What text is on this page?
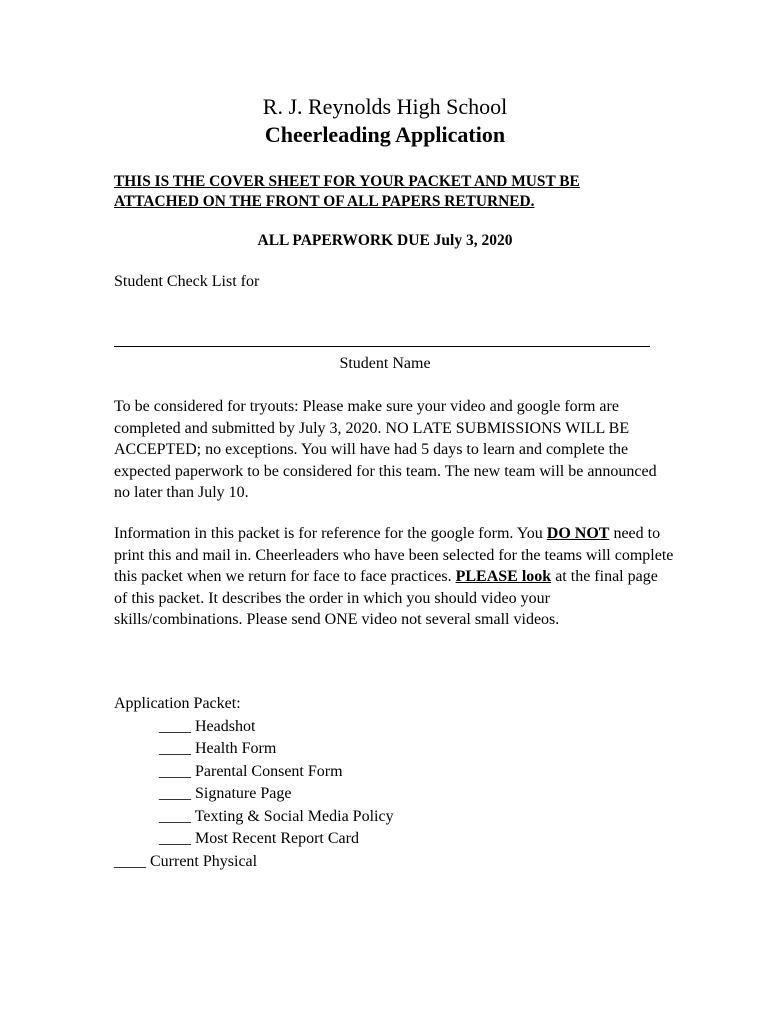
R. J. Reynolds High School
Cheerleading Application
THIS IS THE COVER SHEET FOR YOUR PACKET AND MUST BE
ATTACHED ON THE FRONT OF ALL PAPERS RETURNED.
ALL PAPERWORK DUE July 3, 2020
Student Check List for
Student Name
To be considered for tryouts: Please make sure your video and google form are completed and submitted by July 3, 2020. NO LATE SUBMISSIONS WILL BE ACCEPTED; no exceptions. You will have had 5 days to learn and complete the expected paperwork to be considered for this team. The new team will be announced no later than July 10.
Information in this packet is for reference for the google form. You DO NOT need to print this and mail in. Cheerleaders who have been selected for the teams will complete this packet when we return for face to face practices. PLEASE look at the final page of this packet. It describes the order in which you should video your skills/combinations. Please send ONE video not several small videos.
Application Packet:
____ Headshot
____ Health Form
____ Parental Consent Form
____ Signature Page
____ Texting & Social Media Policy
____ Most Recent Report Card
____ Current Physical
